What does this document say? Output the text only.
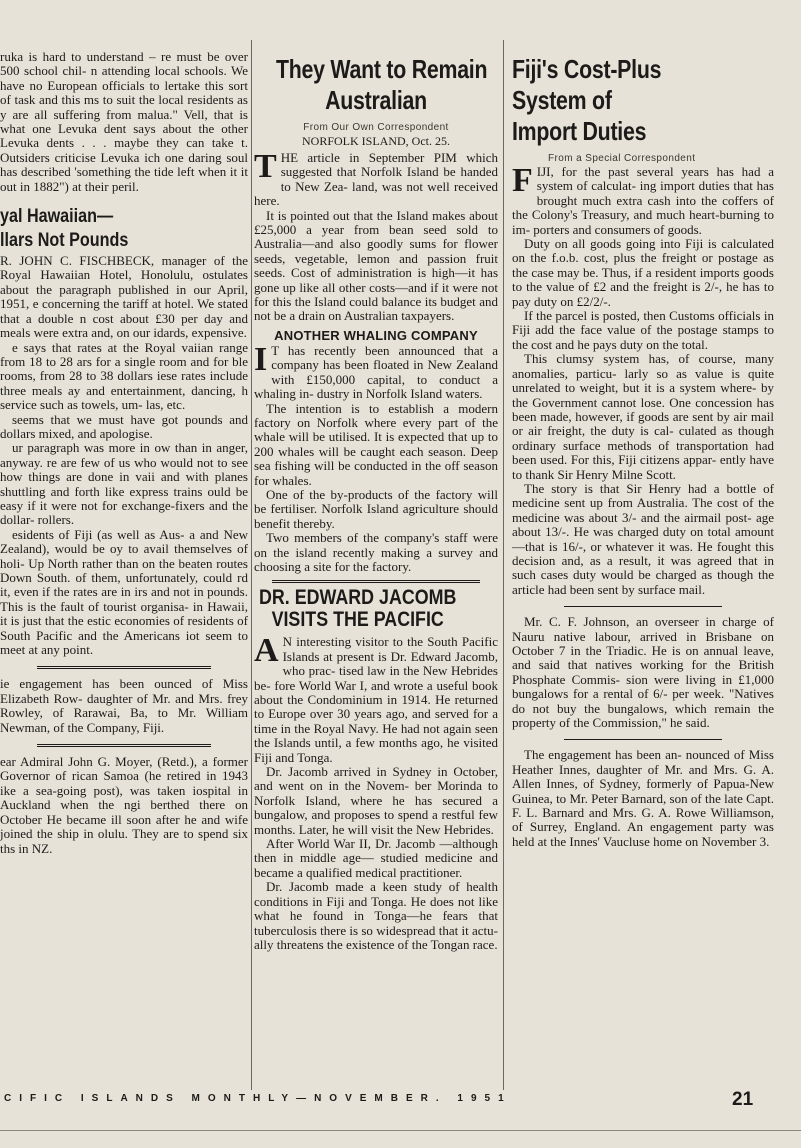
ruka is hard to understand – re must be over 500 school chil- n attending local schools. We have no European officials to lertake this sort of task and this ms to suit the local residents as y are all suffering from malua." Vell, that is what one Levuka dent says about the other Levuka dents . . . maybe they can take t. Outsiders criticise Levuka ich one daring soul has described 'something the tide left when it it out in 1882") at their peril.

yal Hawaiian—
llars Not Pounds

R. JOHN C. FISCHBECK, manager of the Royal Hawaiian Hotel, Honolulu, ostulates about the paragraph published in our April, 1951, e concerning the tariff at hotel. We stated that a double n cost about £30 per day and meals were extra and, on our idards, expensive.

e says that rates at the Royal vaiian range from 18 to 28 ars for a single room and for ble rooms, from 28 to 38 dollars iese rates include three meals ay and entertainment, dancing, h service such as towels, um- las, etc.

seems that we must have got pounds and dollars mixed, and apologise.

ur paragraph was more in ow than in anger, anyway. re are few of us who would not to see how things are done in vaii and with planes shuttling and forth like express trains ould be easy if it were not for exchange-fixers and the dollar- rollers.

esidents of Fiji (as well as Aus- a and New Zealand), would be oy to avail themselves of holi- Up North rather than on the beaten routes Down South. of them, unfortunately, could rd it, even if the rates are in irs and not in pounds. This is the fault of tourist organisa- in Hawaii, it is just that the estic economies of residents of South Pacific and the Americans iot seem to meet at any point.

ie engagement has been ounced of Miss Elizabeth Row- daughter of Mr. and Mrs. frey Rowley, of Rarawai, Ba, to Mr. William Newman, of the Company, Fiji.

ear Admiral John G. Moyer, (Retd.), a former Governor of rican Samoa (he retired in 1943 ike a sea-going post), was taken iospital in Auckland when the ngi berthed there on October He became ill soon after he and wife joined the ship in olulu. They are to spend six ths in NZ.

They Want to Remain
Australian
From Our Own Correspondent
NORFOLK ISLAND, Oct. 25.

THE article in September PIM which suggested that Norfolk Island be handed to New Zea- land, was not well received here.

It is pointed out that the Island makes about £25,000 a year from bean seed sold to Australia—and also goodly sums for flower seeds, vegetable, lemon and passion fruit seeds. Cost of administration is high—it has gone up like all other costs—and if it were not for this the Island could balance its budget and not be a drain on Australian taxpayers.

ANOTHER WHALING COMPANY

IT has recently been announced that a company has been floated in New Zealand with £150,000 capital, to conduct a whaling in- dustry in Norfolk Island waters.

The intention is to establish a modern factory on Norfolk where every part of the whale will be utilised. It is expected that up to 200 whales will be caught each season. Deep sea fishing will be conducted in the off season for whales.

One of the by-products of the factory will be fertiliser. Norfolk Island agriculture should benefit thereby.

Two members of the company's staff were on the island recently making a survey and choosing a site for the factory.

DR. EDWARD JACOMB
VISITS THE PACIFIC

AN interesting visitor to the South Pacific Islands at present is Dr. Edward Jacomb, who prac- tised law in the New Hebrides be- fore World War I, and wrote a useful book about the Condominium in 1914. He returned to Europe over 30 years ago, and served for a time in the Royal Navy. He had not again seen the Islands until, a few months ago, he visited Fiji and Tonga.

Dr. Jacomb arrived in Sydney in October, and went on in the Novem- ber Morinda to Norfolk Island, where he has secured a bungalow, and proposes to spend a restful few months. Later, he will visit the New Hebrides.

After World War II, Dr. Jacomb —although then in middle age— studied medicine and became a qualified medical practitioner.

Dr. Jacomb made a keen study of health conditions in Fiji and Tonga. He does not like what he found in Tonga—he fears that tuberculosis there is so widespread that it actu- ally threatens the existence of the Tongan race.

Fiji's Cost-Plus
System of
Import Duties
From a Special Correspondent

FIJI, for the past several years has had a system of calculat- ing import duties that has brought much extra cash into the coffers of the Colony's Treasury, and much heart-burning to im- porters and consumers of goods.

Duty on all goods going into Fiji is calculated on the f.o.b. cost, plus the freight or postage as the case may be. Thus, if a resident imports goods to the value of £2 and the freight is 2/-, he has to pay duty on £2/2/-.

If the parcel is posted, then Customs officials in Fiji add the face value of the postage stamps to the cost and he pays duty on the total.

This clumsy system has, of course, many anomalies, particu- larly so as value is quite unrelated to weight, but it is a system where- by the Government cannot lose. One concession has been made, however, if goods are sent by air mail or air freight, the duty is cal- culated as though ordinary surface methods of transportation had been used. For this, Fiji citizens appar- ently have to thank Sir Henry Milne Scott.

The story is that Sir Henry had a bottle of medicine sent up from Australia. The cost of the medicine was about 3/- and the airmail post- age about 13/-. He was charged duty on total amount—that is 16/-, or whatever it was. He fought this decision and, as a result, it was agreed that in such cases duty would be charged as though the article had been sent by surface mail.

Mr. C. F. Johnson, an overseer in charge of Nauru native labour, arrived in Brisbane on October 7 in the Triadic. He is on annual leave, and said that natives working for the British Phosphate Commis- sion were living in £1,000 bungalows for a rental of 6/- per week. "Natives do not buy the bungalows, which remain the property of the Commission," he said.

The engagement has been an- nounced of Miss Heather Innes, daughter of Mr. and Mrs. G. A. Allen Innes, of Sydney, formerly of Papua-New Guinea, to Mr. Peter Barnard, son of the late Capt. F. L. Barnard and Mrs. G. A. Rowe Williamson, of Surrey, England. An engagement party was held at the Innes' Vaucluse home on November 3.

CIFIC ISLANDS MONTHLY—NOVEMBER. 1951	21
